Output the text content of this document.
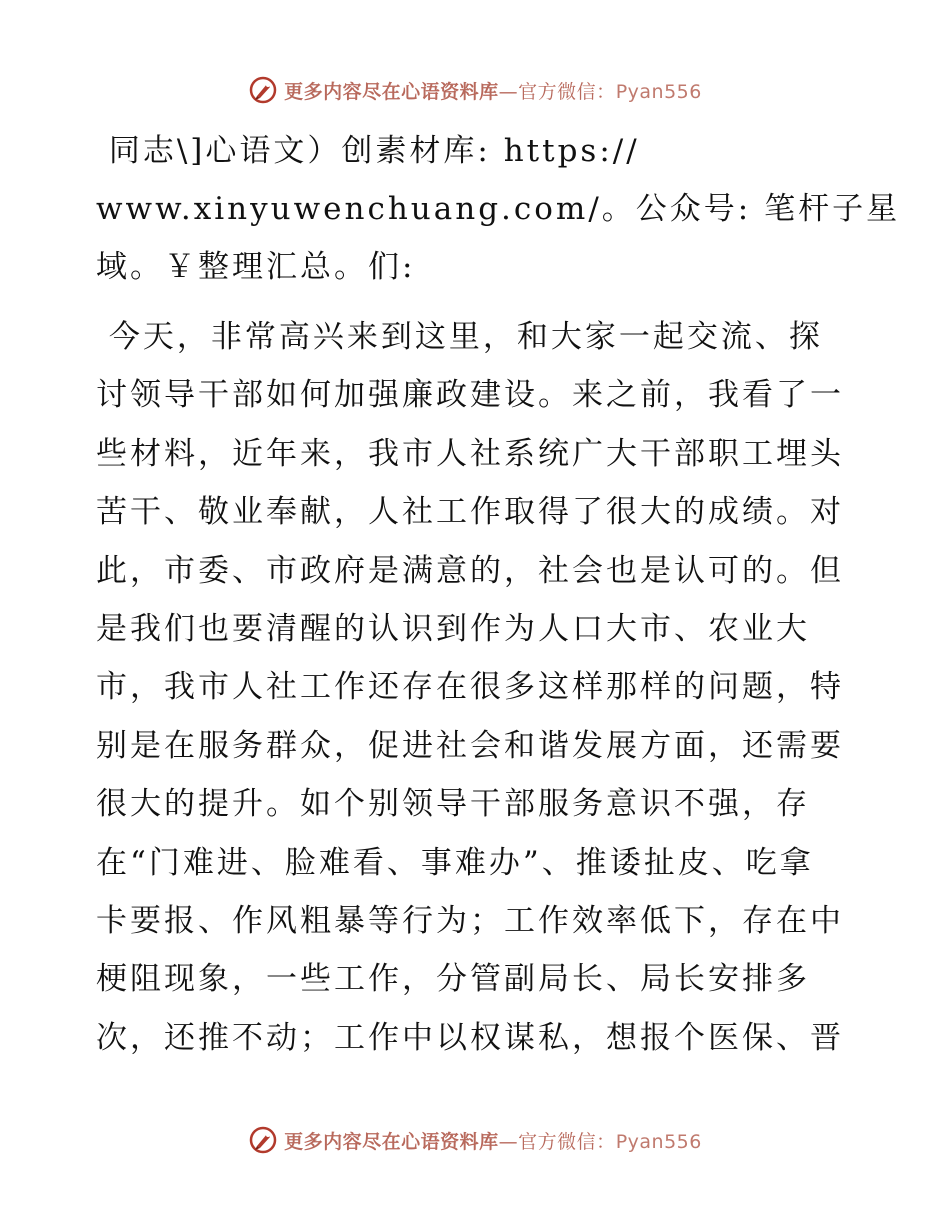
更多内容尽在心语资料库—官方微信：Pyan556

同志\]心语文）创素材库: https://
www.xinyuwenchuang.com/。公众号: 笔杆子星
域。￥整理汇总。们:

今天，非常高兴来到这里，和大家一起交流、探
讨领导干部如何加强廉政建设。来之前，我看了一
些材料，近年来，我市人社系统广大干部职工埋头
苦干、敬业奉献，人社工作取得了很大的成绩。对
此，市委、市政府是满意的，社会也是认可的。但
是我们也要清醒的认识到作为人口大市、农业大
市，我市人社工作还存在很多这样那样的问题，特
别是在服务群众，促进社会和谐发展方面，还需要
很大的提升。如个别领导干部服务意识不强，存
在“门难进、脸难看、事难办”、推诿扯皮、吃拿
卡要报、作风粗暴等行为；工作效率低下，存在中
梗阻现象，一些工作，分管副局长、局长安排多
次，还推不动；工作中以权谋私，想报个医保、晋

更多内容尽在心语资料库—官方微信：Pyan556
